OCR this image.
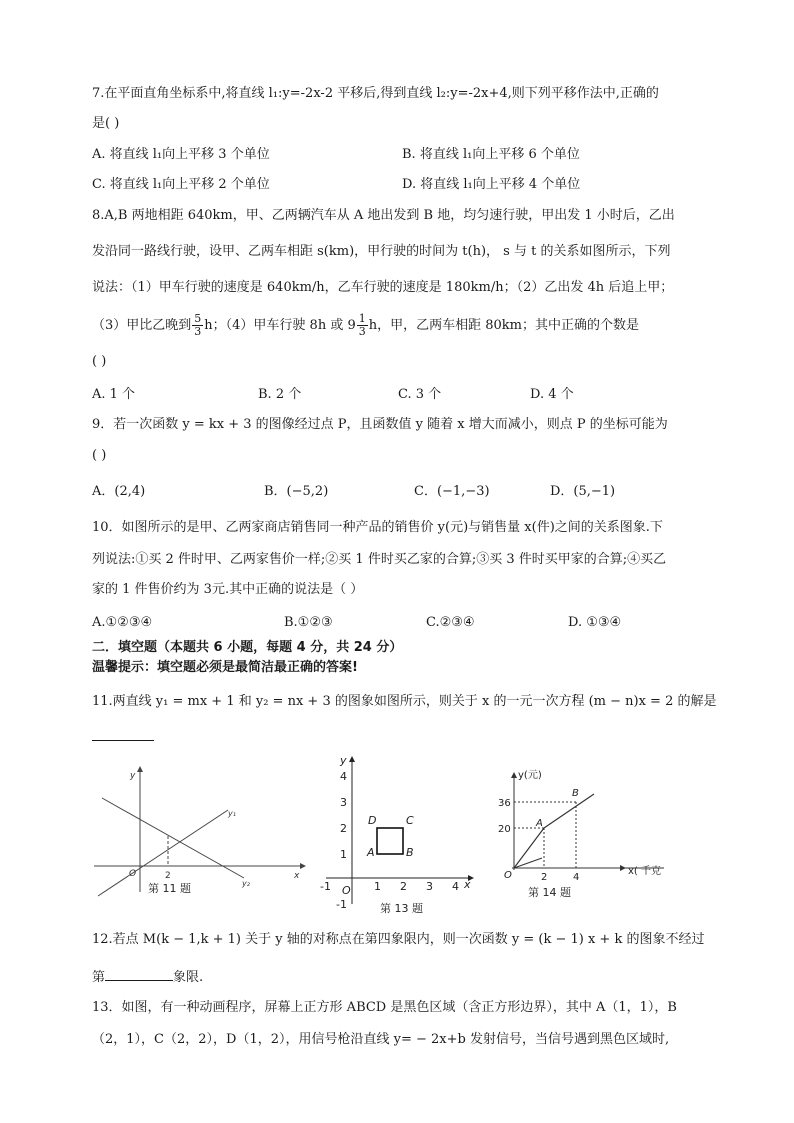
7.在平面直角坐标系中,将直线 l₁:y=-2x-2 平移后,得到直线 l₂:y=-2x+4,则下列平移作法中,正确的
是( )
A. 将直线 l₁向上平移 3 个单位	B. 将直线 l₁向上平移 6 个单位
C. 将直线 l₁向上平移 2 个单位	D. 将直线 l₁向上平移 4 个单位
8.A,B 两地相距 640km，甲、乙两辆汽车从 A 地出发到 B 地，均匀速行驶，甲出发 1 小时后，乙出
发沿同一路线行驶，设甲、乙两车相距 s(km)，甲行驶的时间为 t(h)， s 与 t 的关系如图所示，下列
说法：（1）甲车行驶的速度是 640km/h，乙车行驶的速度是 180km/h；（2）乙出发 4h 后追上甲；
（3）甲比乙晚到 $\frac{5}{3}$ h；（4）甲车行驶 8h 或 $9 \frac{1}{3}$ h，甲，乙两车相距 80km；其中正确的个数是
( )
A. 1 个	B. 2 个	C. 3 个	D. 4 个
9．若一次函数 y = kx + 3 的图像经过点 P，且函数值 y 随着 x 增大而减小，则点 P 的坐标可能为
( )
A．(2,4)	B．(−5,2)	C．(−1,−3)	D．(5,−1)
10．如图所示的是甲、乙两家商店销售同一种产品的销售价 y(元)与销售量 x(件)之间的关系图象.下
列说法:①买 2 件时甲、乙两家售价一样;②买 1 件时买乙家的合算;③买 3 件时买甲家的合算;④买乙
家的 1 件售价约为 3元.其中正确的说法是（ ）
A.①②③④	B.①②③	C.②③④	D. ①③④
二．填空题（本题共 6 小题，每题 4 分，共 24 分）
温馨提示：填空题必须是最简洁最正确的答案!
11.两直线 y₁ = mx + 1 和 y₂ = nx + 3 的图象如图所示，则关于 x 的一元一次方程 (m − n)x = 2 的解是
y
x
O	2
y₁
y₂
第 11 题
y
x
O
4
3
2
1
-1
-1	1 2 3 4
A	B
C
D
第 13 题
y(元)
x( 千克
O
36
20
2	4
A
B
第 14 题
12.若点 M(k − 1,k + 1) 关于 y 轴的对称点在第四象限内，则一次函数 y = (k − 1) x + k 的图象不经过
第	象限.
13．如图，有一种动画程序，屏幕上正方形 ABCD 是黑色区域（含正方形边界），其中 A（1，1），B
（2，1），C（2，2），D（1，2），用信号枪沿直线 y= − 2x+b 发射信号，当信号遇到黑色区域时,
